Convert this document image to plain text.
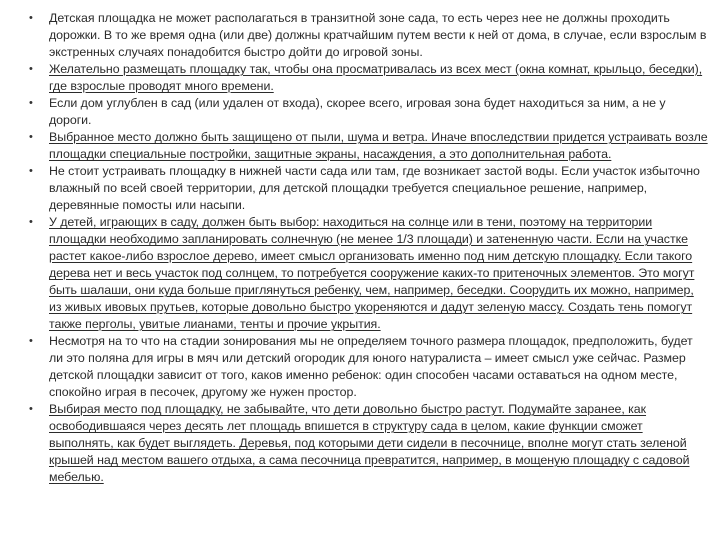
• Детская площадка не может располагаться в транзитной зоне сада, то есть через нее не должны проходить дорожки. В то же время одна (или две) должны кратчайшим путем вести к ней от дома, в случае, если взрослым в экстренных случаях понадобится быстро дойти до игровой зоны.
• Желательно размещать площадку так, чтобы она просматривалась из всех мест (окна комнат, крыльцо, беседки), где взрослые проводят много времени.
• Если дом углублен в сад (или удален от входа), скорее всего, игровая зона будет находиться за ним, а не у дороги.
• Выбранное место должно быть защищено от пыли, шума и ветра. Иначе впоследствии придется устраивать возле площадки специальные постройки, защитные экраны, насаждения, а это дополнительная работа.
• Не стоит устраивать площадку в нижней части сада или там, где возникает застой воды. Если участок избыточно влажный по всей своей территории, для детской площадки требуется специальное решение, например, деревянные помосты или насыпи.
• У детей, играющих в саду, должен быть выбор: находиться на солнце или в тени, поэтому на территории площадки необходимо запланировать солнечную (не менее 1/3 площади) и затененную части. Если на участке растет какое-либо взрослое дерево, имеет смысл организовать именно под ним детскую площадку. Если такого дерева нет и весь участок под солнцем, то потребуется сооружение каких-то притеночных элементов. Это могут быть шалаши, они куда больше приглянуться ребенку, чем, например, беседки. Соорудить их можно, например, из живых ивовых прутьев, которые довольно быстро укореняются и дадут зеленую массу. Создать тень помогут также перголы, увитые лианами, тенты и прочие укрытия.
• Несмотря на то что на стадии зонирования мы не определяем точного размера площадок, предположить, будет ли это поляна для игры в мяч или детский огородик для юного натуралиста – имеет смысл уже сейчас. Размер детской площадки зависит от того, каков именно ребенок: один способен часами оставаться на одном месте, спокойно играя в песочек, другому же нужен простор.
• Выбирая место под площадку, не забывайте, что дети довольно быстро растут. Подумайте заранее, как освободившаяся через десять лет площадь впишется в структуру сада в целом, какие функции сможет выполнять, как будет выглядеть. Деревья, под которыми дети сидели в песочнице, вполне могут стать зеленой крышей над местом вашего отдыха, а сама песочница превратится, например, в мощеную площадку с садовой мебелью.
